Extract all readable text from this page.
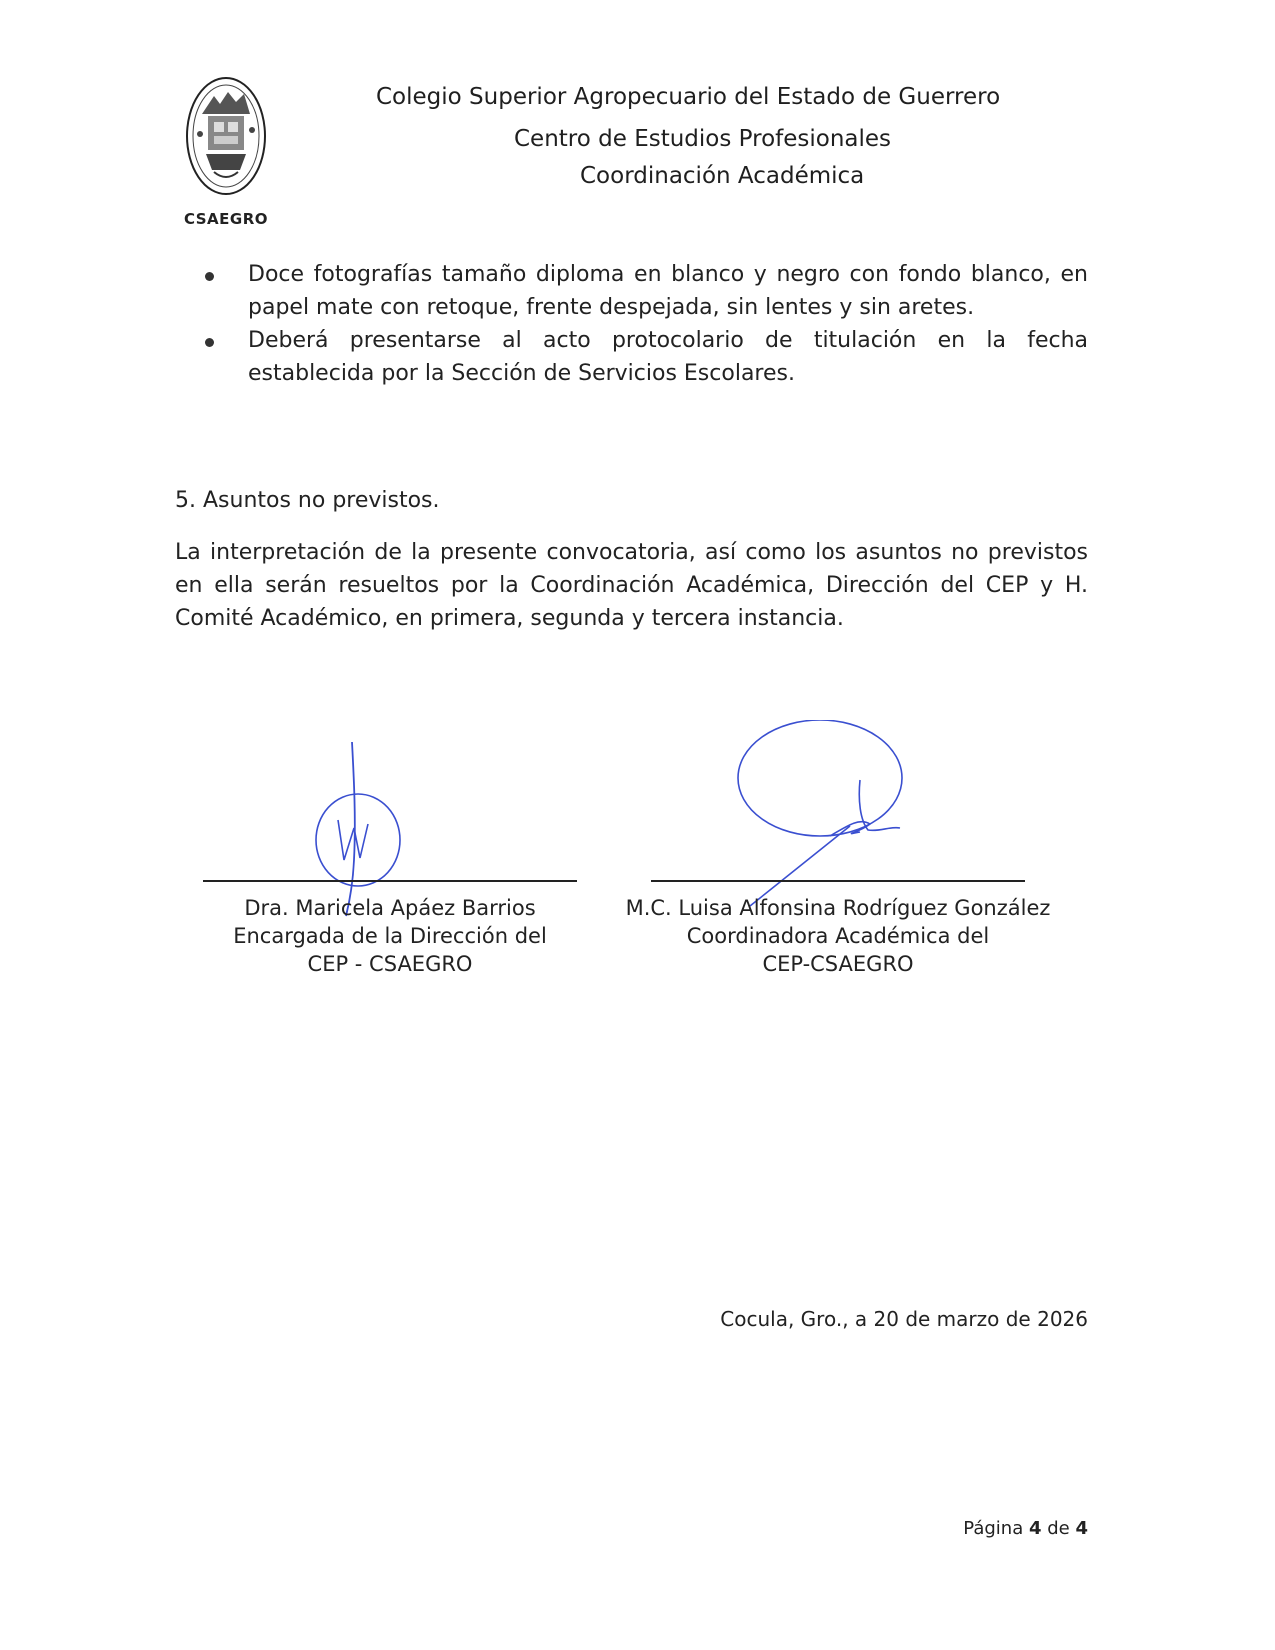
CSAEGRO
Colegio Superior Agropecuario del Estado de Guerrero
Centro de Estudios Profesionales
Coordinación Académica
Doce fotografías tamaño diploma en blanco y negro con fondo blanco, en papel mate con retoque, frente despejada, sin lentes y sin aretes.
Deberá presentarse al acto protocolario de titulación en la fecha establecida por la Sección de Servicios Escolares.
5. Asuntos no previstos.

La interpretación de la presente convocatoria, así como los asuntos no previstos en ella serán resueltos por la Coordinación Académica, Dirección del CEP y H. Comité Académico, en primera, segunda y tercera instancia.

Dra. Maricela Apáez Barrios
Encargada de la Dirección del
CEP - CSAEGRO
M.C. Luisa Alfonsina Rodríguez González
Coordinadora Académica del
CEP-CSAEGRO
Cocula, Gro., a 20 de marzo de 2026
Página 4 de 4
